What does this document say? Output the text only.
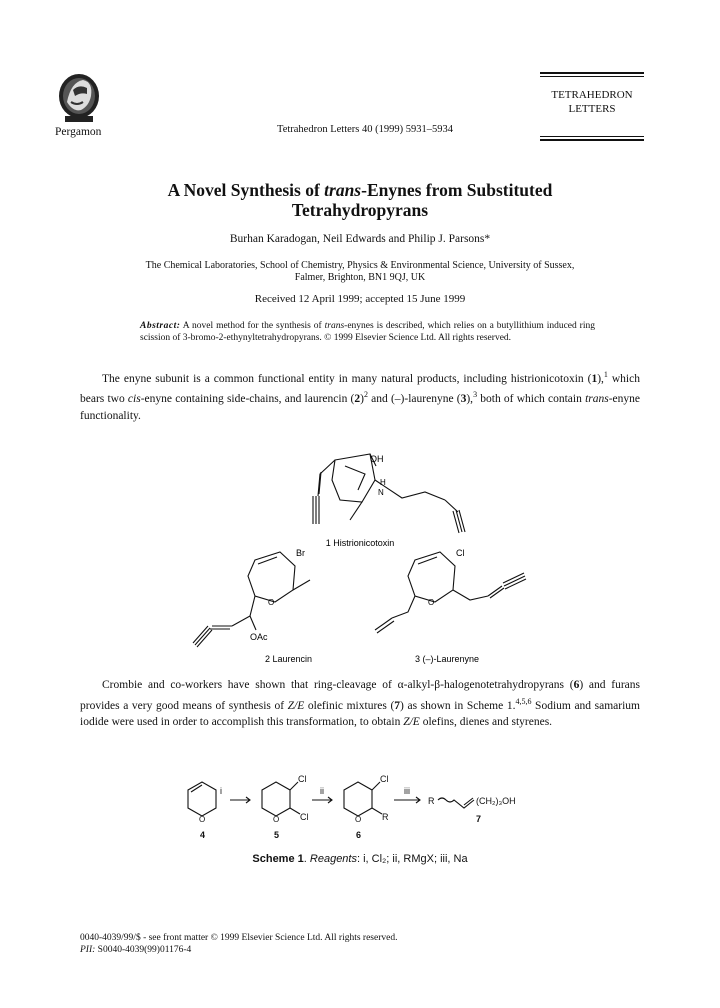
Pergamon	Tetrahedron Letters 40 (1999) 5931–5934
TETRAHEDRON
LETTERS
A Novel Synthesis of trans-Enynes from Substituted
Tetrahydropyrans
Burhan Karadogan, Neil Edwards and Philip J. Parsons*
The Chemical Laboratories, School of Chemistry, Physics & Environmental Science, University of Sussex,
Falmer, Brighton, BN1 9QJ, UK
Received 12 April 1999; accepted 15 June 1999
Abstract: A novel method for the synthesis of trans-enynes is described, which relies on a butyllithium induced ring scission of 3-bromo-2-ethynyltetrahydropyrans. © 1999 Elsevier Science Ltd. All rights reserved.
The enyne subunit is a common functional entity in many natural products, including histrionicotoxin (1),$^1$ which bears two cis-enyne containing side-chains, and laurencin $(2)^2$ and (–)-laurenyne (3),$^3$ both of which contain trans-enyne functionality.
OH
H
N
1 Histrionicotoxin
Br
O
OAc
2 Laurencin
Cl
O
3 (–)-Laurenyne
Crombie and co-workers have shown that ring-cleavage of α-alkyl-β-halogenotetrahydropyrans (6) and furans provides a very good means of synthesis of Z/E olefinic mixtures (7) as shown in Scheme 1.$^{4,5,6}$ Sodium and samarium iodide were used in order to accomplish this transformation, to obtain Z/E olefins, dienes and styrenes.
i	ii	iii
O	O	O
Cl
Cl
Cl
R
R	(CH₂)₃OH
4	5	6
7
Scheme 1. Reagents: i, Cl₂; ii, RMgX; iii, Na
0040-4039/99/$ - see front matter © 1999 Elsevier Science Ltd. All rights reserved.
PII: S0040-4039(99)01176-4
